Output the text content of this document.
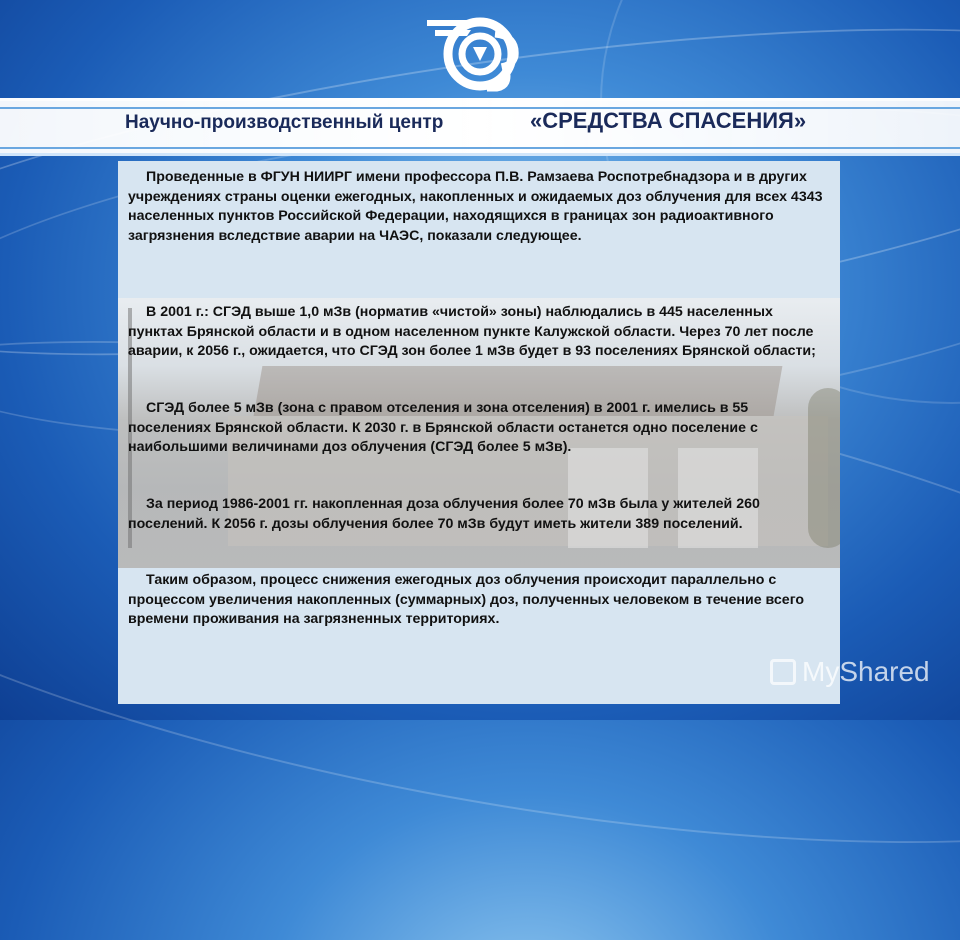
Научно-производственный центр	«СРЕДСТВА СПАСЕНИЯ»

Проведенные в ФГУН НИИРГ имени профессора П.В. Рамзаева Роспотребнадзора и в других учреждениях страны оценки ежегодных, накопленных и ожидаемых доз облучения для всех 4343 населенных пунктов Российской Федерации, находящихся в границах зон радиоактивного загрязнения вследствие аварии на ЧАЭС, показали следующее.

В 2001 г.: СГЭД выше 1,0 мЗв (норматив «чистой» зоны) наблюдались в 445 населенных пунктах Брянской области и в одном населенном пункте Калужской области. Через 70 лет после аварии, к 2056 г., ожидается, что СГЭД зон более 1 мЗв будет в 93 поселениях Брянской области;

СГЭД более 5 мЗв (зона с правом отселения и зона отселения) в 2001 г. имелись в 55 поселениях Брянской области. К 2030 г. в Брянской области останется одно поселение с наибольшими величинами доз облучения (СГЭД более 5 мЗв).

За период 1986-2001 гг. накопленная доза облучения более 70 мЗв была у жителей 260 поселений. К 2056 г. дозы облучения более 70 мЗв будут иметь жители 389 поселений.

Таким образом, процесс снижения ежегодных доз облучения происходит параллельно с процессом увеличения накопленных (суммарных) доз, полученных человеком в течение всего времени проживания на загрязненных территориях.

MyShared
